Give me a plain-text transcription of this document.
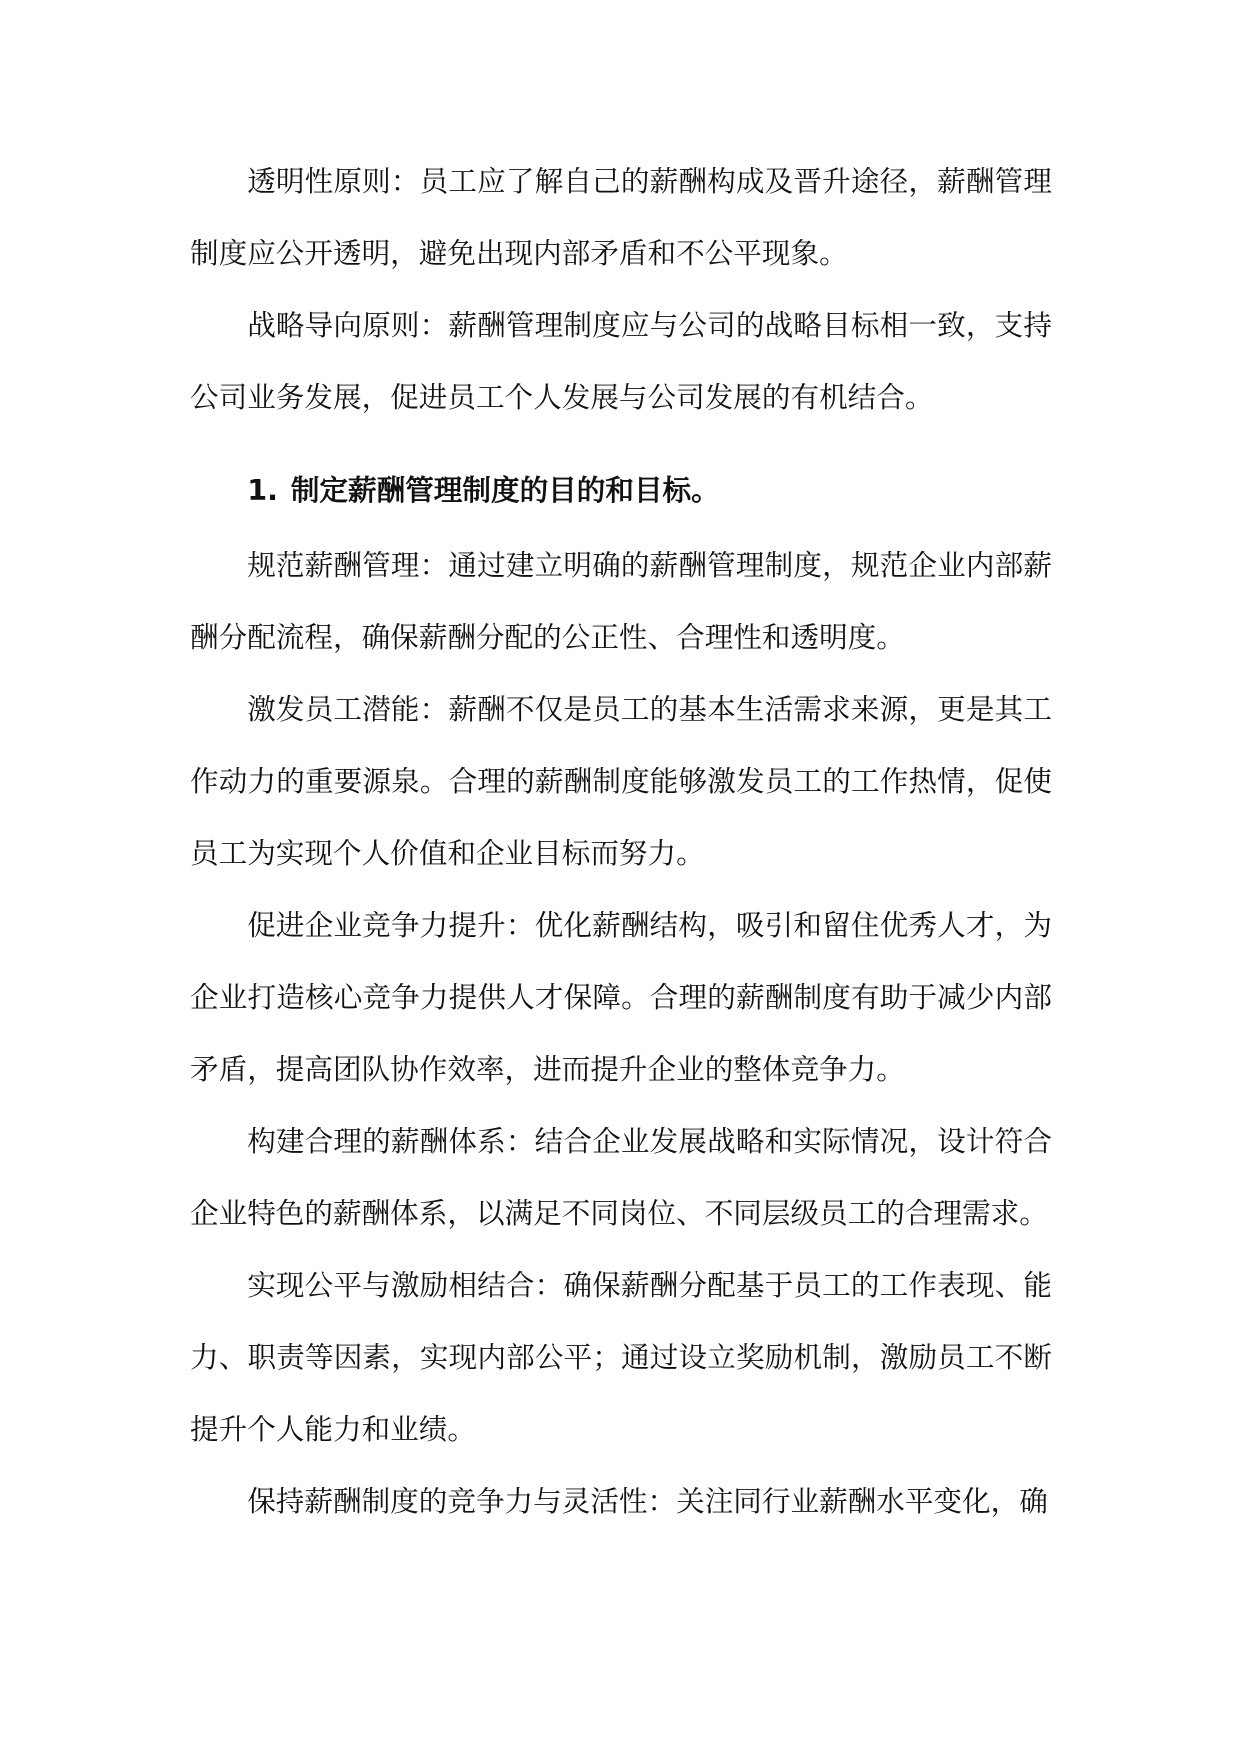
透明性原则：员工应了解自己的薪酬构成及晋升途径，薪酬管理制度应公开透明，避免出现内部矛盾和不公平现象。

战略导向原则：薪酬管理制度应与公司的战略目标相一致，支持公司业务发展，促进员工个人发展与公司发展的有机结合。

1. 制定薪酬管理制度的目的和目标。

规范薪酬管理：通过建立明确的薪酬管理制度，规范企业内部薪酬分配流程，确保薪酬分配的公正性、合理性和透明度。

激发员工潜能：薪酬不仅是员工的基本生活需求来源，更是其工作动力的重要源泉。合理的薪酬制度能够激发员工的工作热情，促使员工为实现个人价值和企业目标而努力。

促进企业竞争力提升：优化薪酬结构，吸引和留住优秀人才，为企业打造核心竞争力提供人才保障。合理的薪酬制度有助于减少内部矛盾，提高团队协作效率，进而提升企业的整体竞争力。

构建合理的薪酬体系：结合企业发展战略和实际情况，设计符合企业特色的薪酬体系，以满足不同岗位、不同层级员工的合理需求。

实现公平与激励相结合：确保薪酬分配基于员工的工作表现、能力、职责等因素，实现内部公平；通过设立奖励机制，激励员工不断提升个人能力和业绩。

保持薪酬制度的竞争力与灵活性：关注同行业薪酬水平变化，确
